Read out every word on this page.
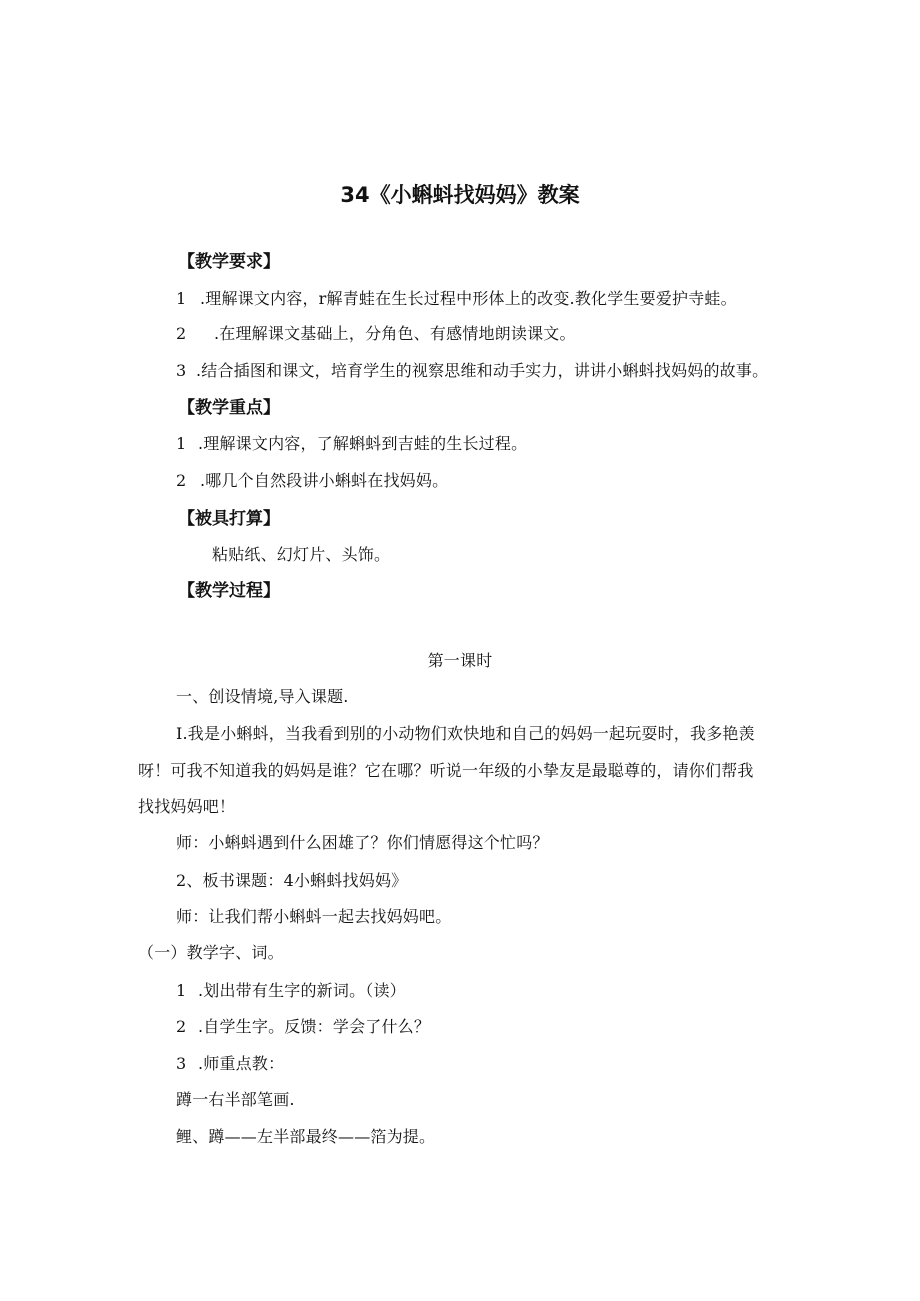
34《小蝌蚪找妈妈》教案
【教学要求】
1 .理解课文内容，r解青蛙在生长过程中形体上的改变.教化学生要爱护寺蛙。
2 .在理解课文基础上，分角色、有感情地朗读课文。
3 .结合插图和课文，培育学生的视察思维和动手实力，讲讲小蝌蚪找妈妈的故事。
【教学重点】
1 .理解课文内容，了解蝌蚪到吉蛙的生长过程。
2 .哪几个自然段讲小蝌蚪在找妈妈。
【被具打算】
粘贴纸、幻灯片、头饰。
【教学过程】
第一课时
一、创设情境,导入课题.
I.我是小蝌蚪，当我看到别的小动物们欢快地和自己的妈妈一起玩耍时，我多艳羡
呀！可我不知道我的妈妈是谁？它在哪？听说一年级的小挚友是最聪尊的，请你们帮我
找找妈妈吧！
师：小蝌蚪遇到什么困雄了？你们情愿得这个忙吗？
2、板书课题：4小蝌蚪找妈妈》
师：让我们帮小蝌蚪一起去找妈妈吧。
（一）教学字、词。
1 .划出带有生字的新词。（读）
2 .自学生字。反馈：学会了什么？
3 .师重点教：
蹲一右半部笔画.
鲤、蹲——左半部最终——箔为提。
